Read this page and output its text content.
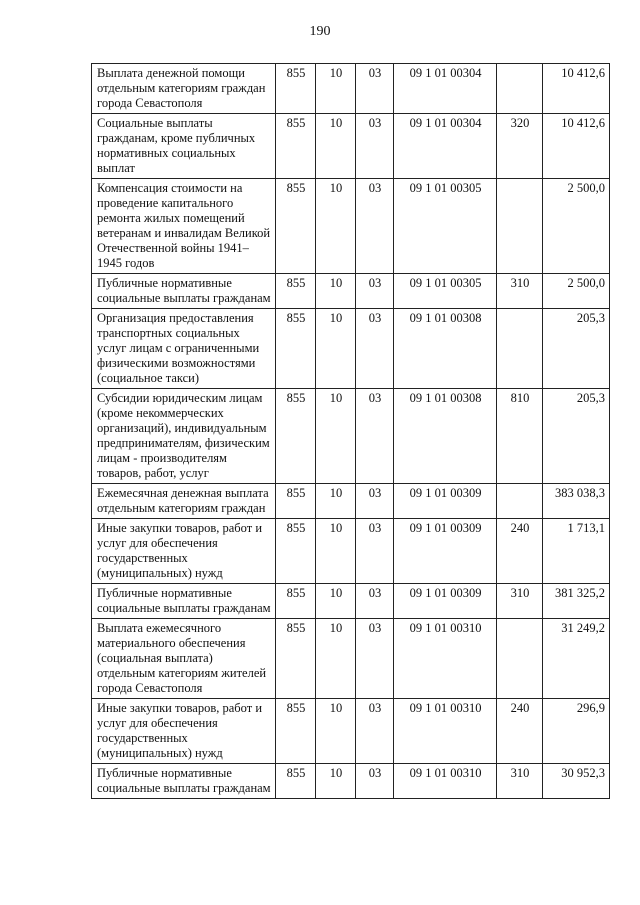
190
Выплата денежной помощи отдельным категориям граждан города Севастополя	855	10	03	09 1 01 00304		10 412,6
Социальные выплаты гражданам, кроме публичных нормативных социальных выплат	855	10	03	09 1 01 00304	320	10 412,6
Компенсация стоимости на проведение капитального ремонта жилых помещений ветеранам и инвалидам Великой Отечественной войны 1941–1945 годов	855	10	03	09 1 01 00305		2 500,0
Публичные нормативные социальные выплаты гражданам	855	10	03	09 1 01 00305	310	2 500,0
Организация предоставления транспортных социальных услуг лицам с ограниченными физическими возможностями (социальное такси)	855	10	03	09 1 01 00308		205,3
Субсидии юридическим лицам (кроме некоммерческих организаций), индивидуальным предпринимателям, физическим лицам - производителям товаров, работ, услуг	855	10	03	09 1 01 00308	810	205,3
Ежемесячная денежная выплата отдельным категориям граждан	855	10	03	09 1 01 00309		383 038,3
Иные закупки товаров, работ и услуг для обеспечения государственных (муниципальных) нужд	855	10	03	09 1 01 00309	240	1 713,1
Публичные нормативные социальные выплаты гражданам	855	10	03	09 1 01 00309	310	381 325,2
Выплата ежемесячного материального обеспечения (социальная выплата) отдельным категориям жителей города Севастополя	855	10	03	09 1 01 00310		31 249,2
Иные закупки товаров, работ и услуг для обеспечения государственных (муниципальных) нужд	855	10	03	09 1 01 00310	240	296,9
Публичные нормативные социальные выплаты гражданам	855	10	03	09 1 01 00310	310	30 952,3
